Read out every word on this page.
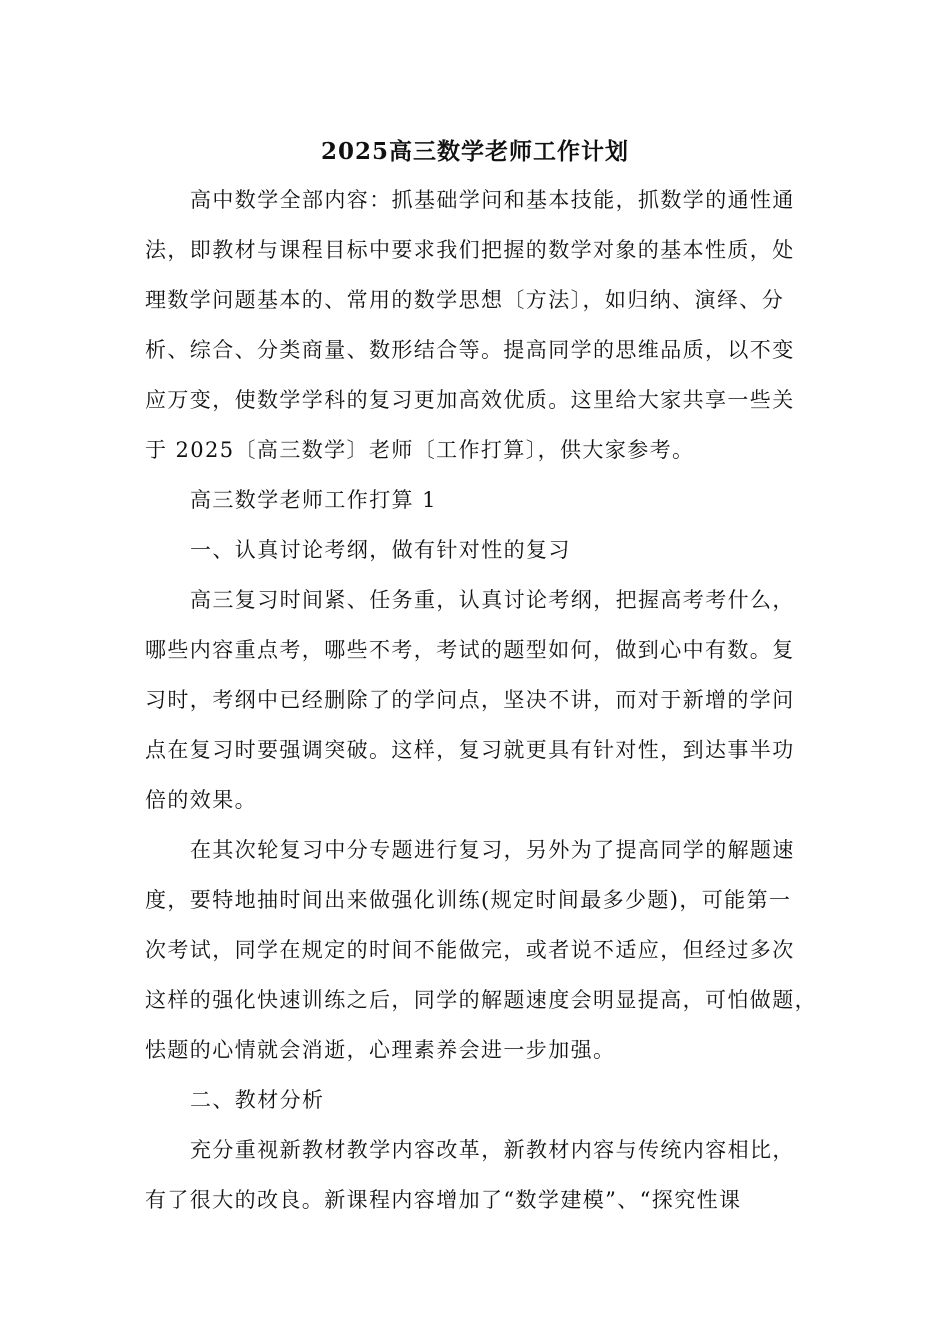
2025高三数学老师工作计划
高中数学全部内容：抓基础学问和基本技能，抓数学的通性通
法，即教材与课程目标中要求我们把握的数学对象的基本性质，处
理数学问题基本的、常用的数学思想〔方法〕，如归纳、演绎、分
析、综合、分类商量、数形结合等。提高同学的思维品质，以不变
应万变，使数学学科的复习更加高效优质。这里给大家共享一些关
于 2025〔高三数学〕老师〔工作打算〕，供大家参考。
高三数学老师工作打算 1
一、认真讨论考纲，做有针对性的复习
高三复习时间紧、任务重，认真讨论考纲，把握高考考什么，
哪些内容重点考，哪些不考，考试的题型如何，做到心中有数。复
习时，考纲中已经删除了的学问点，坚决不讲，而对于新增的学问
点在复习时要强调突破。这样，复习就更具有针对性，到达事半功
倍的效果。
在其次轮复习中分专题进行复习，另外为了提高同学的解题速
度，要特地抽时间出来做强化训练(规定时间最多少题)，可能第一
次考试，同学在规定的时间不能做完，或者说不适应，但经过多次
这样的强化快速训练之后，同学的解题速度会明显提高，可怕做题，
怯题的心情就会消逝，心理素养会进一步加强。
二、教材分析
充分重视新教材教学内容改革，新教材内容与传统内容相比，
有了很大的改良。新课程内容增加了“数学建模”、“探究性课
